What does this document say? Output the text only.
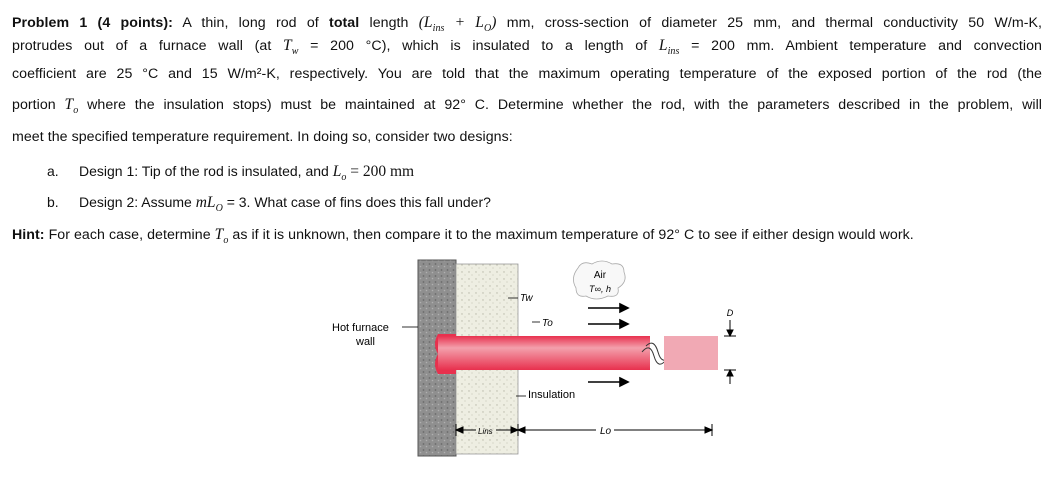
Problem 1 (4 points): A thin, long rod of total length $(L_{ins} + L_O)$ mm, cross-section of diameter 25 mm, and thermal conductivity 50 W/m-K,
protrudes out of a furnace wall (at $T_w = 200$ °C), which is insulated to a length of $L_{ins} = 200$ mm. Ambient temperature and convection
coefficient are 25 °C and 15 W/m²-K, respectively. You are told that the maximum operating temperature of the exposed portion of the rod (the
portion $T_o$ where the insulation stops) must be maintained at 92° C. Determine whether the rod, with the parameters described in the problem, will
meet the specified temperature requirement. In doing so, consider two designs:
a. Design 1: Tip of the rod is insulated, and $L_o = 200$ mm
b. Design 2: Assume $mL_O = 3$. What case of fins does this fall under?
Hint: For each case, determine $T_o$ as if it is unknown, then compare it to the maximum temperature of 92° C to see if either design would work.
Air
T∞, h
Tw
To
Hot furnace
wall
Insulation
D
Lins	Lo
